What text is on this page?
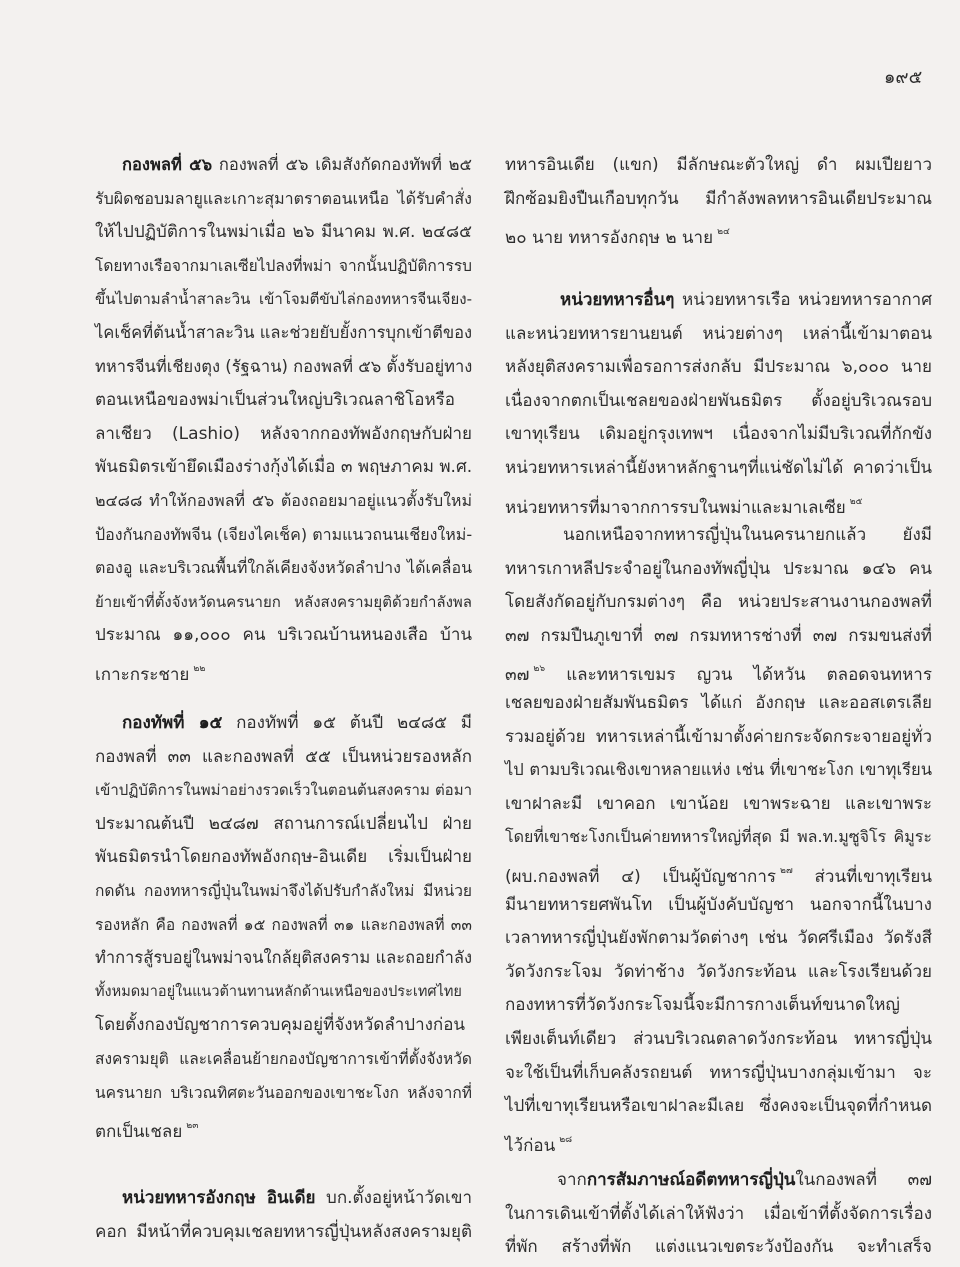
๑๙๕
กองพลที่ ๕๖ กองพลที่ ๕๖ เดิมสังกัดกองทัพที่ ๒๕
รับผิดชอบมลายูและเกาะสุมาตราตอนเหนือ ได้รับคำสั่ง
ให้ไปปฏิบัติการในพม่าเมื่อ ๒๖ มีนาคม พ.ศ. ๒๔๘๕
โดยทางเรือจากมาเลเซียไปลงที่พม่า จากนั้นปฏิบัติการรบ
ขึ้นไปตามลำน้ำสาละวิน เข้าโจมตีขับไล่กองทหารจีนเจียง-
ไคเช็คที่ต้นน้ำสาละวิน และช่วยยับยั้งการบุกเข้าตีของ
ทหารจีนที่เชียงตุง (รัฐฉาน) กองพลที่ ๕๖ ตั้งรับอยู่ทาง
ตอนเหนือของพม่าเป็นส่วนใหญ่บริเวณลาชิโอหรือ
ลาเชียว (Lashio) หลังจากกองทัพอังกฤษกับฝ่าย
พันธมิตรเข้ายึดเมืองร่างกุ้งได้เมื่อ ๓ พฤษภาคม พ.ศ.
๒๔๘๘ ทำให้กองพลที่ ๕๖ ต้องถอยมาอยู่แนวตั้งรับใหม่
ป้องกันกองทัพจีน (เจียงไคเช็ค) ตามแนวถนนเชียงใหม่-
ตองอู และบริเวณพื้นที่ใกล้เคียงจังหวัดลำปาง ได้เคลื่อน
ย้ายเข้าที่ตั้งจังหวัดนครนายก หลังสงครามยุติด้วยกำลังพล
ประมาณ ๑๑,๐๐๐ คน บริเวณบ้านหนองเสือ บ้าน
เกาะกระชาย $^{๒๒}$
กองทัพที่ ๑๕ กองทัพที่ ๑๕ ต้นปี ๒๔๘๕ มี
กองพลที่ ๓๓ และกองพลที่ ๕๕ เป็นหน่วยรองหลัก
เข้าปฏิบัติการในพม่าอย่างรวดเร็วในตอนต้นสงคราม ต่อมา
ประมาณต้นปี ๒๔๘๗ สถานการณ์เปลี่ยนไป ฝ่าย
พันธมิตรนำโดยกองทัพอังกฤษ-อินเดีย เริ่มเป็นฝ่าย
กดดัน กองทหารญี่ปุ่นในพม่าจึงได้ปรับกำลังใหม่ มีหน่วย
รองหลัก คือ กองพลที่ ๑๕ กองพลที่ ๓๑ และกองพลที่ ๓๓
ทำการสู้รบอยู่ในพม่าจนใกล้ยุติสงคราม และถอยกำลัง
ทั้งหมดมาอยู่ในแนวต้านทานหลักด้านเหนือของประเทศไทย
โดยตั้งกองบัญชาการควบคุมอยู่ที่จังหวัดลำปางก่อน
สงครามยุติ และเคลื่อนย้ายกองบัญชาการเข้าที่ตั้งจังหวัด
นครนายก บริเวณทิศตะวันออกของเขาชะโงก หลังจากที่
ตกเป็นเชลย $^{๒๓}$
หน่วยทหารอังกฤษ อินเดีย บก.ตั้งอยู่หน้าวัดเขา
คอก มีหน้าที่ควบคุมเชลยทหารญี่ปุ่นหลังสงครามยุติ
ทหารอินเดีย (แขก) มีลักษณะตัวใหญ่ ดำ ผมเปียยาว
ฝึกซ้อมยิงปืนเกือบทุกวัน มีกำลังพลทหารอินเดียประมาณ
๒๐ นาย ทหารอังกฤษ ๒ นาย $^{๒๔}$
หน่วยทหารอื่นๆ หน่วยทหารเรือ หน่วยทหารอากาศ
และหน่วยทหารยานยนต์ หน่วยต่างๆ เหล่านี้เข้ามาตอน
หลังยุติสงครามเพื่อรอการส่งกลับ มีประมาณ ๖,๐๐๐ นาย
เนื่องจากตกเป็นเชลยของฝ่ายพันธมิตร ตั้งอยู่บริเวณรอบ
เขาทุเรียน เดิมอยู่กรุงเทพฯ เนื่องจากไม่มีบริเวณที่กักขัง
หน่วยทหารเหล่านี้ยังหาหลักฐานๆที่แน่ชัดไม่ได้ คาดว่าเป็น
หน่วยทหารที่มาจากการรบในพม่าและมาเลเซีย $^{๒๕}$
นอกเหนือจากทหารญี่ปุ่นในนครนายกแล้ว ยังมี
ทหารเกาหลีประจำอยู่ในกองทัพญี่ปุ่น ประมาณ ๑๔๖ คน
โดยสังกัดอยู่กับกรมต่างๆ คือ หน่วยประสานงานกองพลที่
๓๗ กรมปืนภูเขาที่ ๓๗ กรมทหารช่างที่ ๓๗ กรมขนส่งที่
๓๗ $^{๒๖}$ และทหารเขมร ญวน ได้หวัน ตลอดจนทหาร
เชลยของฝ่ายสัมพันธมิตร ได้แก่ อังกฤษ และออสเตรเลีย
รวมอยู่ด้วย ทหารเหล่านี้เข้ามาตั้งค่ายกระจัดกระจายอยู่ทั่ว
ไป ตามบริเวณเชิงเขาหลายแห่ง เช่น ที่เขาชะโงก เขาทุเรียน
เขาฝาละมี เขาคอก เขาน้อย เขาพระฉาย และเขาพระ
โดยที่เขาชะโงกเป็นค่ายทหารใหญ่ที่สุด มี พล.ท.มูซูจิโร คิมูระ
(ผบ.กองพลที่ ๔) เป็นผู้บัญชาการ $^{๒๗}$ ส่วนที่เขาทุเรียน
มีนายทหารยศพันโท เป็นผู้บังคับบัญชา นอกจากนี้ในบาง
เวลาทหารญี่ปุ่นยังพักตามวัดต่างๆ เช่น วัดศรีเมือง วัดรังสี
วัดวังกระโจม วัดท่าช้าง วัดวังกระท้อน และโรงเรียนด้วย
กองทหารที่วัดวังกระโจมนี้จะมีการกางเต็นท์ขนาดใหญ่
เพียงเต็นท์เดียว ส่วนบริเวณตลาดวังกระท้อน ทหารญี่ปุ่น
จะใช้เป็นที่เก็บคลังรถยนต์ ทหารญี่ปุ่นบางกลุ่มเข้ามา จะ
ไปที่เขาทุเรียนหรือเขาฝาละมีเลย ซึ่งคงจะเป็นจุดที่กำหนด
ไว้ก่อน $^{๒๘}$
จากการสัมภาษณ์อดีตทหารญี่ปุ่นในกองพลที่ ๓๗
ในการเดินเข้าที่ตั้งได้เล่าให้ฟังว่า เมื่อเข้าที่ตั้งจัดการเรื่อง
ที่พัก สร้างที่พัก แต่งแนวเขตระวังป้องกัน จะทำเสร็จ
